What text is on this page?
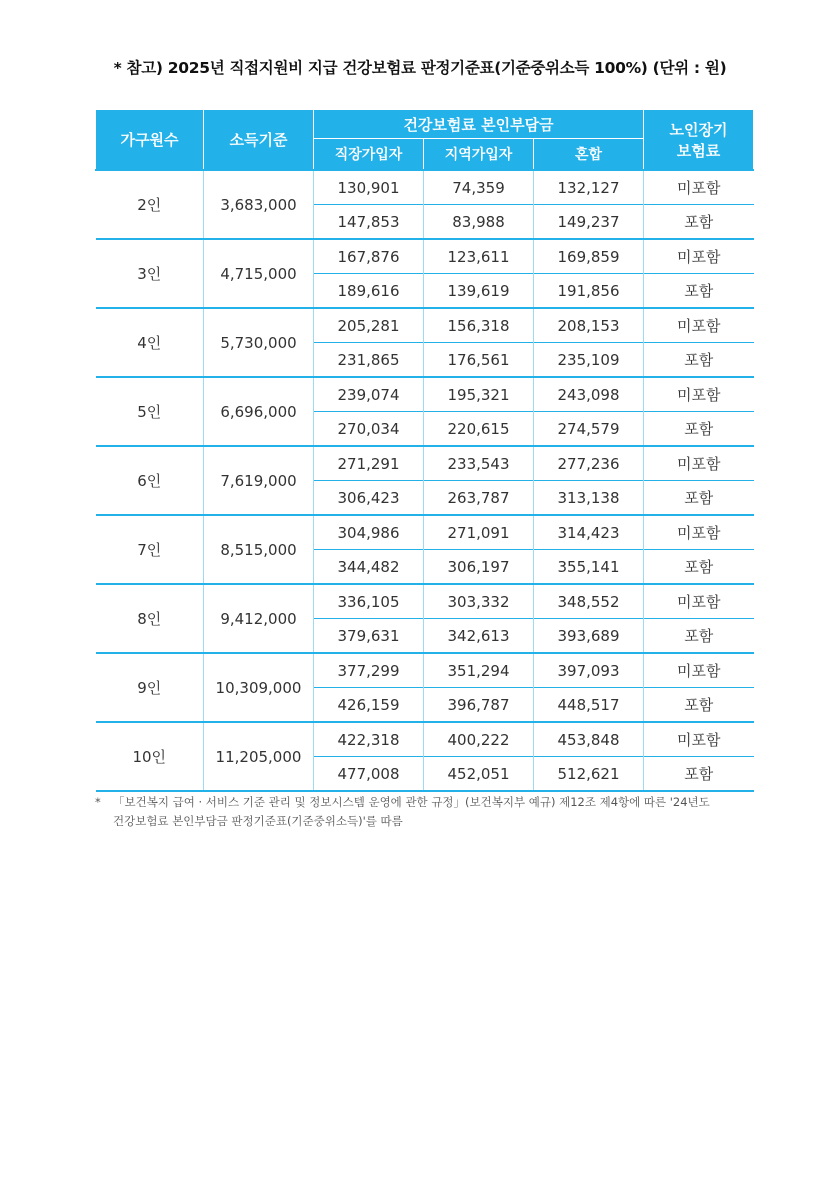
* 참고) 2025년 직접지원비 지급 건강보험료 판정기준표(기준중위소득 100%) (단위 : 원)
가구원수	소득기준	건강보험료 본인부담금			노인장기
보험료

		직장가입자	지역가입자	혼합	
2인	3,683,000	130,901	74,359	132,127	미포함
		147,853	83,988	149,237	포함
3인	4,715,000	167,876	123,611	169,859	미포함
		189,616	139,619	191,856	포함
4인	5,730,000	205,281	156,318	208,153	미포함
		231,865	176,561	235,109	포함
5인	6,696,000	239,074	195,321	243,098	미포함
		270,034	220,615	274,579	포함
6인	7,619,000	271,291	233,543	277,236	미포함
		306,423	263,787	313,138	포함
7인	8,515,000	304,986	271,091	314,423	미포함
		344,482	306,197	355,141	포함
8인	9,412,000	336,105	303,332	348,552	미포함
		379,631	342,613	393,689	포함
9인	10,309,000	377,299	351,294	397,093	미포함
		426,159	396,787	448,517	포함
10인	11,205,000	422,318	400,222	453,848	미포함
		477,008	452,051	512,621	포함
* 「보건복지 급여 · 서비스 기준 관리 및 정보시스템 운영에 관한 규정」(보건복지부 예규) 제12조 제4항에 따른 '24년도
건강보험료 본인부담금 판정기준표(기준중위소득)'를 따름
